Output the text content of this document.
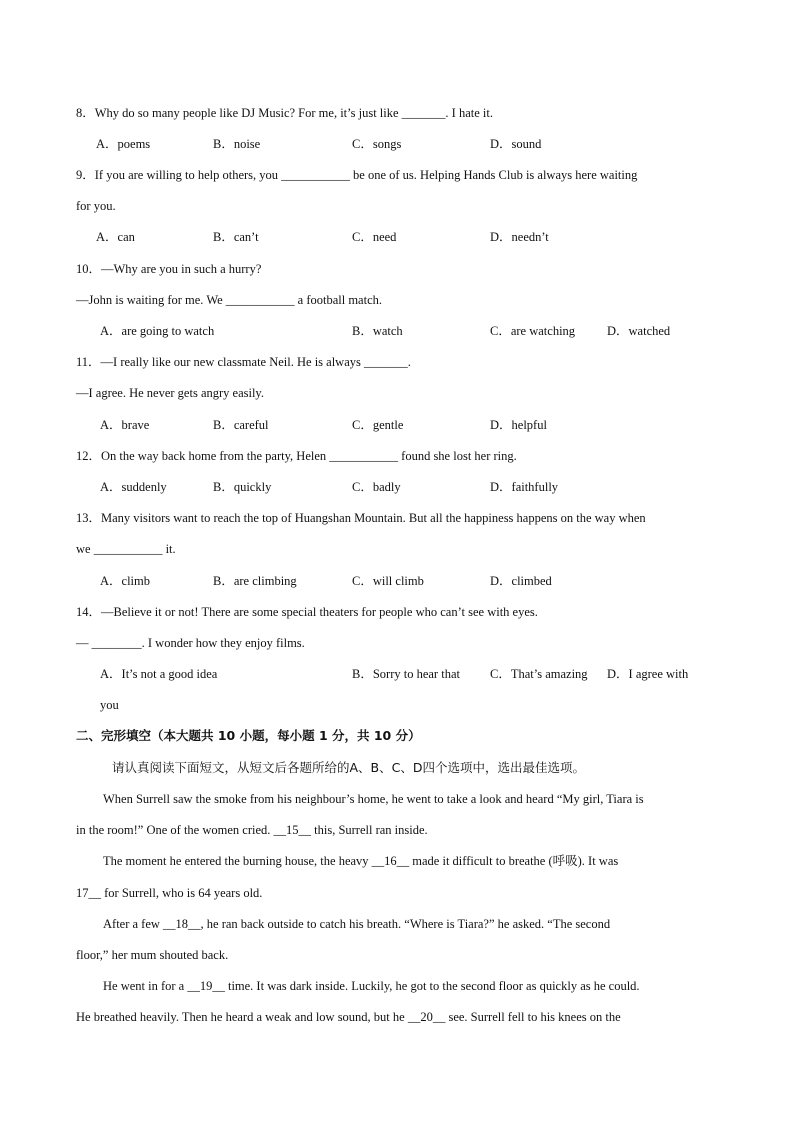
8．Why do so many people like DJ Music? For me, it’s just like _______. I hate it.
A．poems	B．noise	C．songs	D．sound
9．If you are willing to help others, you ___________ be one of us. Helping Hands Club is always here waiting
for you.
A．can	B．can’t	C．need	D．needn’t
10．—Why are you in such a hurry?
—John is waiting for me. We ___________ a football match.
A．are going to watch	B．watch	C．are watching	D．watched
11．—I really like our new classmate Neil. He is always _______.
—I agree. He never gets angry easily.
A．brave	B．careful	C．gentle	D．helpful
12．On the way back home from the party, Helen ___________ found she lost her ring.
A．suddenly	B．quickly	C．badly	D．faithfully
13．Many visitors want to reach the top of Huangshan Mountain. But all the happiness happens on the way when
we ___________ it.
A．climb	B．are climbing	C．will climb	D．climbed
14．—Believe it or not! There are some special theaters for people who can’t see with eyes.
— ________. I wonder how they enjoy films.
A．It’s not a good idea	B．Sorry to hear that C．That’s amazing D．I agree with
you
二、完形填空（本大题共 10 小题，每小题 1 分，共 10 分）
请认真阅读下面短文，从短文后各题所给的A、B、C、D四个选项中，选出最佳选项。
When Surrell saw the smoke from his neighbour’s home, he went to take a look and heard “My girl, Tiara is
in the room!” One of the women cried. __15__ this, Surrell ran inside.
The moment he entered the burning house, the heavy __16__ made it difficult to breathe (呼吸). It was
17__ for Surrell, who is 64 years old.
After a few __18__, he ran back outside to catch his breath. “Where is Tiara?” he asked. “The second
floor,” her mum shouted back.
He went in for a __19__ time. It was dark inside. Luckily, he got to the second floor as quickly as he could.
He breathed heavily. Then he heard a weak and low sound, but he __20__ see. Surrell fell to his knees on the
